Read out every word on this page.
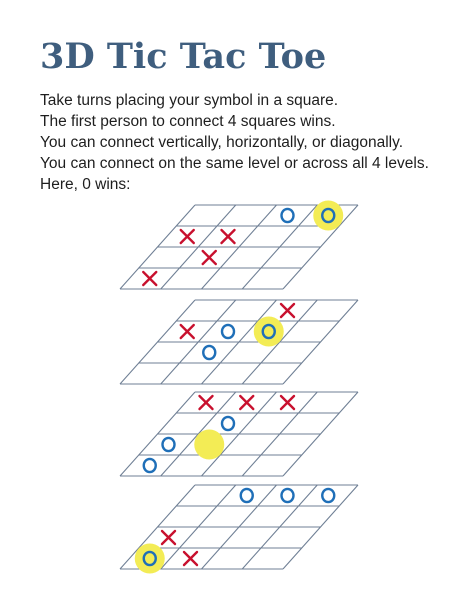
3D Tic Tac Toe
Take turns placing your symbol in a square.
The first person to connect 4 squares wins.
You can connect vertically, horizontally, or diagonally.
You can connect on the same level or across all 4 levels.
Here, 0 wins:
